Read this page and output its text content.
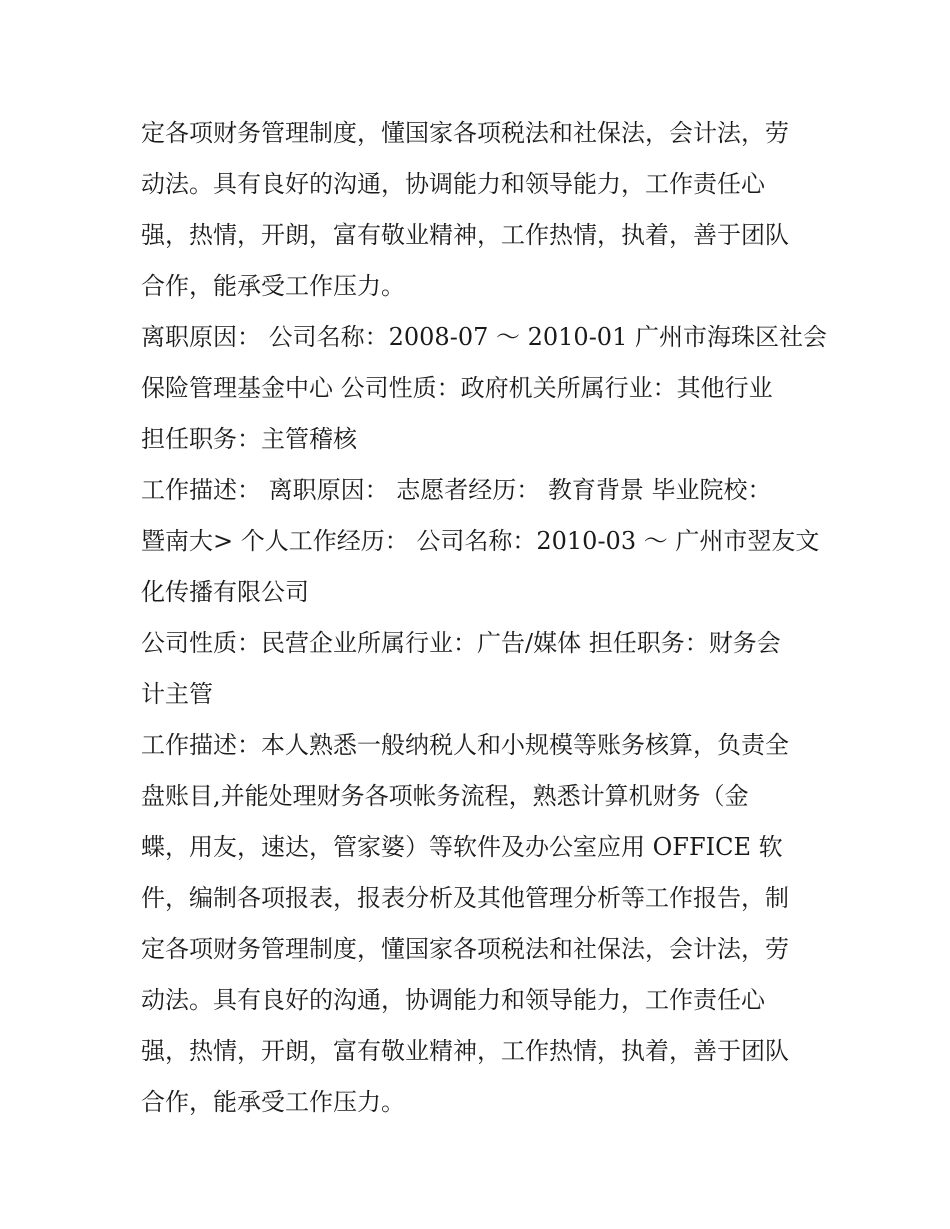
定各项财务管理制度，懂国家各项税法和社保法，会计法，劳
动法。具有良好的沟通，协调能力和领导能力，工作责任心
强，热情，开朗，富有敬业精神，工作热情，执着，善于团队
合作，能承受工作压力。
离职原因： 公司名称：2008-07 ～ 2010-01 广州市海珠区社会
保险管理基金中心 公司性质：政府机关所属行业：其他行业
担任职务：主管稽核
工作描述： 离职原因： 志愿者经历： 教育背景 毕业院校：
暨南大> 个人工作经历： 公司名称：2010-03 ～ 广州市翌友文
化传播有限公司
公司性质：民营企业所属行业：广告/媒体 担任职务：财务会
计主管
工作描述：本人熟悉一般纳税人和小规模等账务核算，负责全
盘账目,并能处理财务各项帐务流程，熟悉计算机财务（金
蝶，用友，速达，管家婆）等软件及办公室应用 OFFICE 软
件，编制各项报表，报表分析及其他管理分析等工作报告，制
定各项财务管理制度，懂国家各项税法和社保法，会计法，劳
动法。具有良好的沟通，协调能力和领导能力，工作责任心
强，热情，开朗，富有敬业精神，工作热情，执着，善于团队
合作，能承受工作压力。
